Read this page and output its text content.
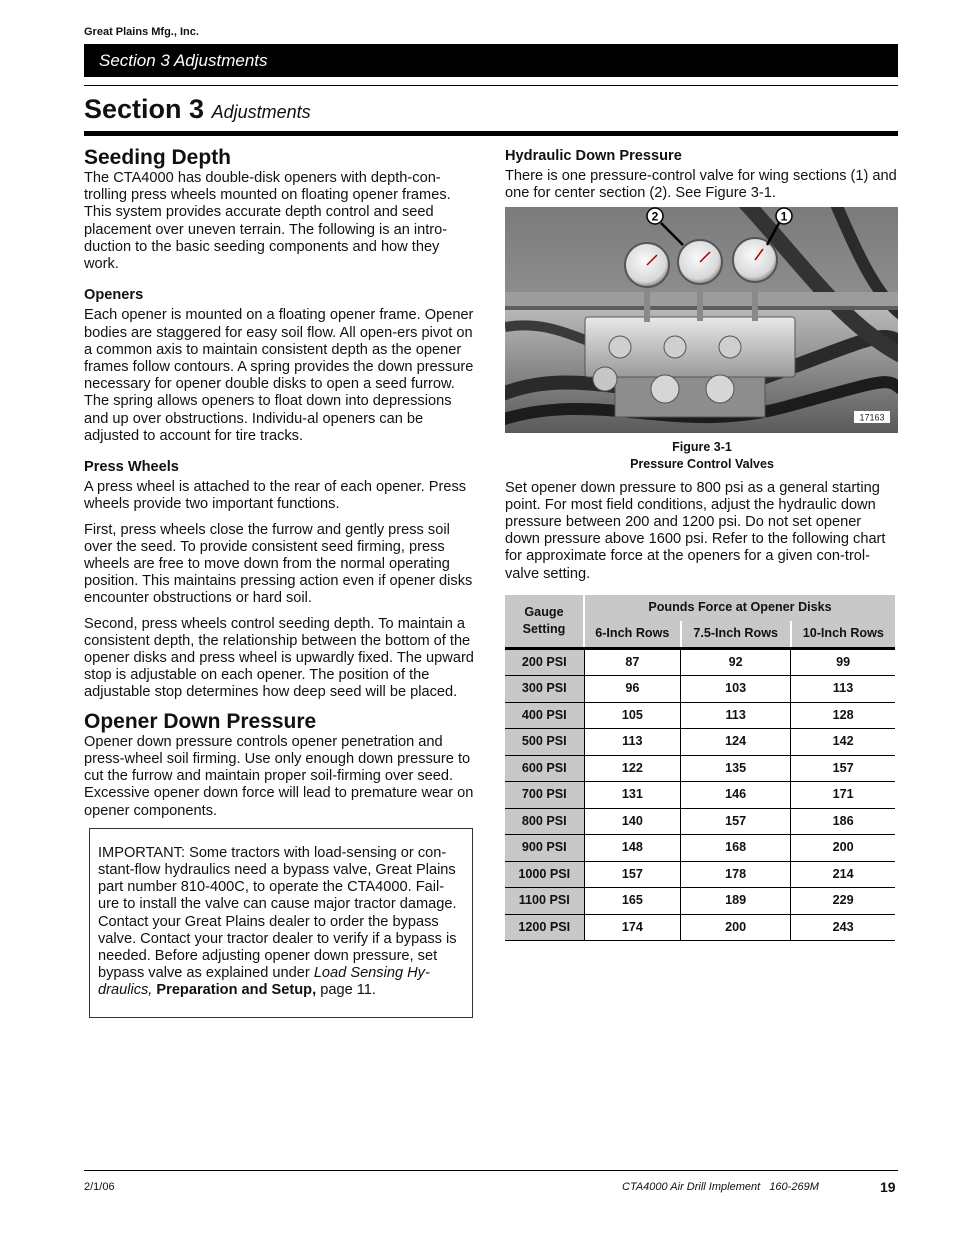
Great Plains Mfg., Inc.
Section 3 Adjustments
Section 3 Adjustments
Seeding Depth

The CTA4000 has double-disk openers with depth-con-trolling press wheels mounted on floating opener frames. This system provides accurate depth control and seed placement over uneven terrain. The following is an intro-duction to the basic seeding components and how they work.

Openers

Each opener is mounted on a floating opener frame. Opener bodies are staggered for easy soil flow. All open-ers pivot on a common axis to maintain consistent depth as the opener frames follow contours. A spring provides the down pressure necessary for opener double disks to open a seed furrow. The spring allows openers to float down into depressions and up over obstructions. Individu-al openers can be adjusted to account for tire tracks.

Press Wheels

A press wheel is attached to the rear of each opener. Press wheels provide two important functions.

First, press wheels close the furrow and gently press soil over the seed. To provide consistent seed firming, press wheels are free to move down from the normal operating position. This maintains pressing action even if opener disks encounter obstructions or hard soil.

Second, press wheels control seeding depth. To maintain a consistent depth, the relationship between the bottom of the opener disks and press wheel is upwardly fixed. The upward stop is adjustable on each opener. The position of the adjustable stop determines how deep seed will be placed.

Opener Down Pressure

Opener down pressure controls opener penetration and press-wheel soil firming. Use only enough down pressure to cut the furrow and maintain proper soil-firming over seed. Excessive opener down force will lead to premature wear on opener components.

IMPORTANT: Some tractors with load-sensing or con-stant-flow hydraulics need a bypass valve, Great Plains part number 810-400C, to operate the CTA4000. Fail-ure to install the valve can cause major tractor damage. Contact your Great Plains dealer to order the bypass valve. Contact your tractor dealer to verify if a bypass is needed. Before adjusting opener down pressure, set bypass valve as explained under Load Sensing Hy-draulics, Preparation and Setup, page 11.
Hydraulic Down Pressure

There is one pressure-control valve for wing sections (1) and one for center section (2). See Figure 3-1.

2	1
17163
Figure 3-1
Pressure Control Valves

Set opener down pressure to 800 psi as a general starting point. For most field conditions, adjust the hydraulic down pressure between 200 and 1200 psi. Do not set opener down pressure above 1600 psi. Refer to the following chart for approximate force at the openers for a given con-trol-valve setting.

Gauge Setting	Pounds Force at Opener Disks		
	6-Inch Rows	7.5-Inch Rows	10-Inch Rows
200 PSI	87	92	99
300 PSI	96	103	113
400 PSI	105	113	128
500 PSI	113	124	142
600 PSI	122	135	157
700 PSI	131	146	171
800 PSI	140	157	186
900 PSI	148	168	200
1000 PSI	157	178	214
1100 PSI	165	189	229
1200 PSI	174	200	243
2/1/06	CTA4000 Air Drill Implement   160-269M	19
